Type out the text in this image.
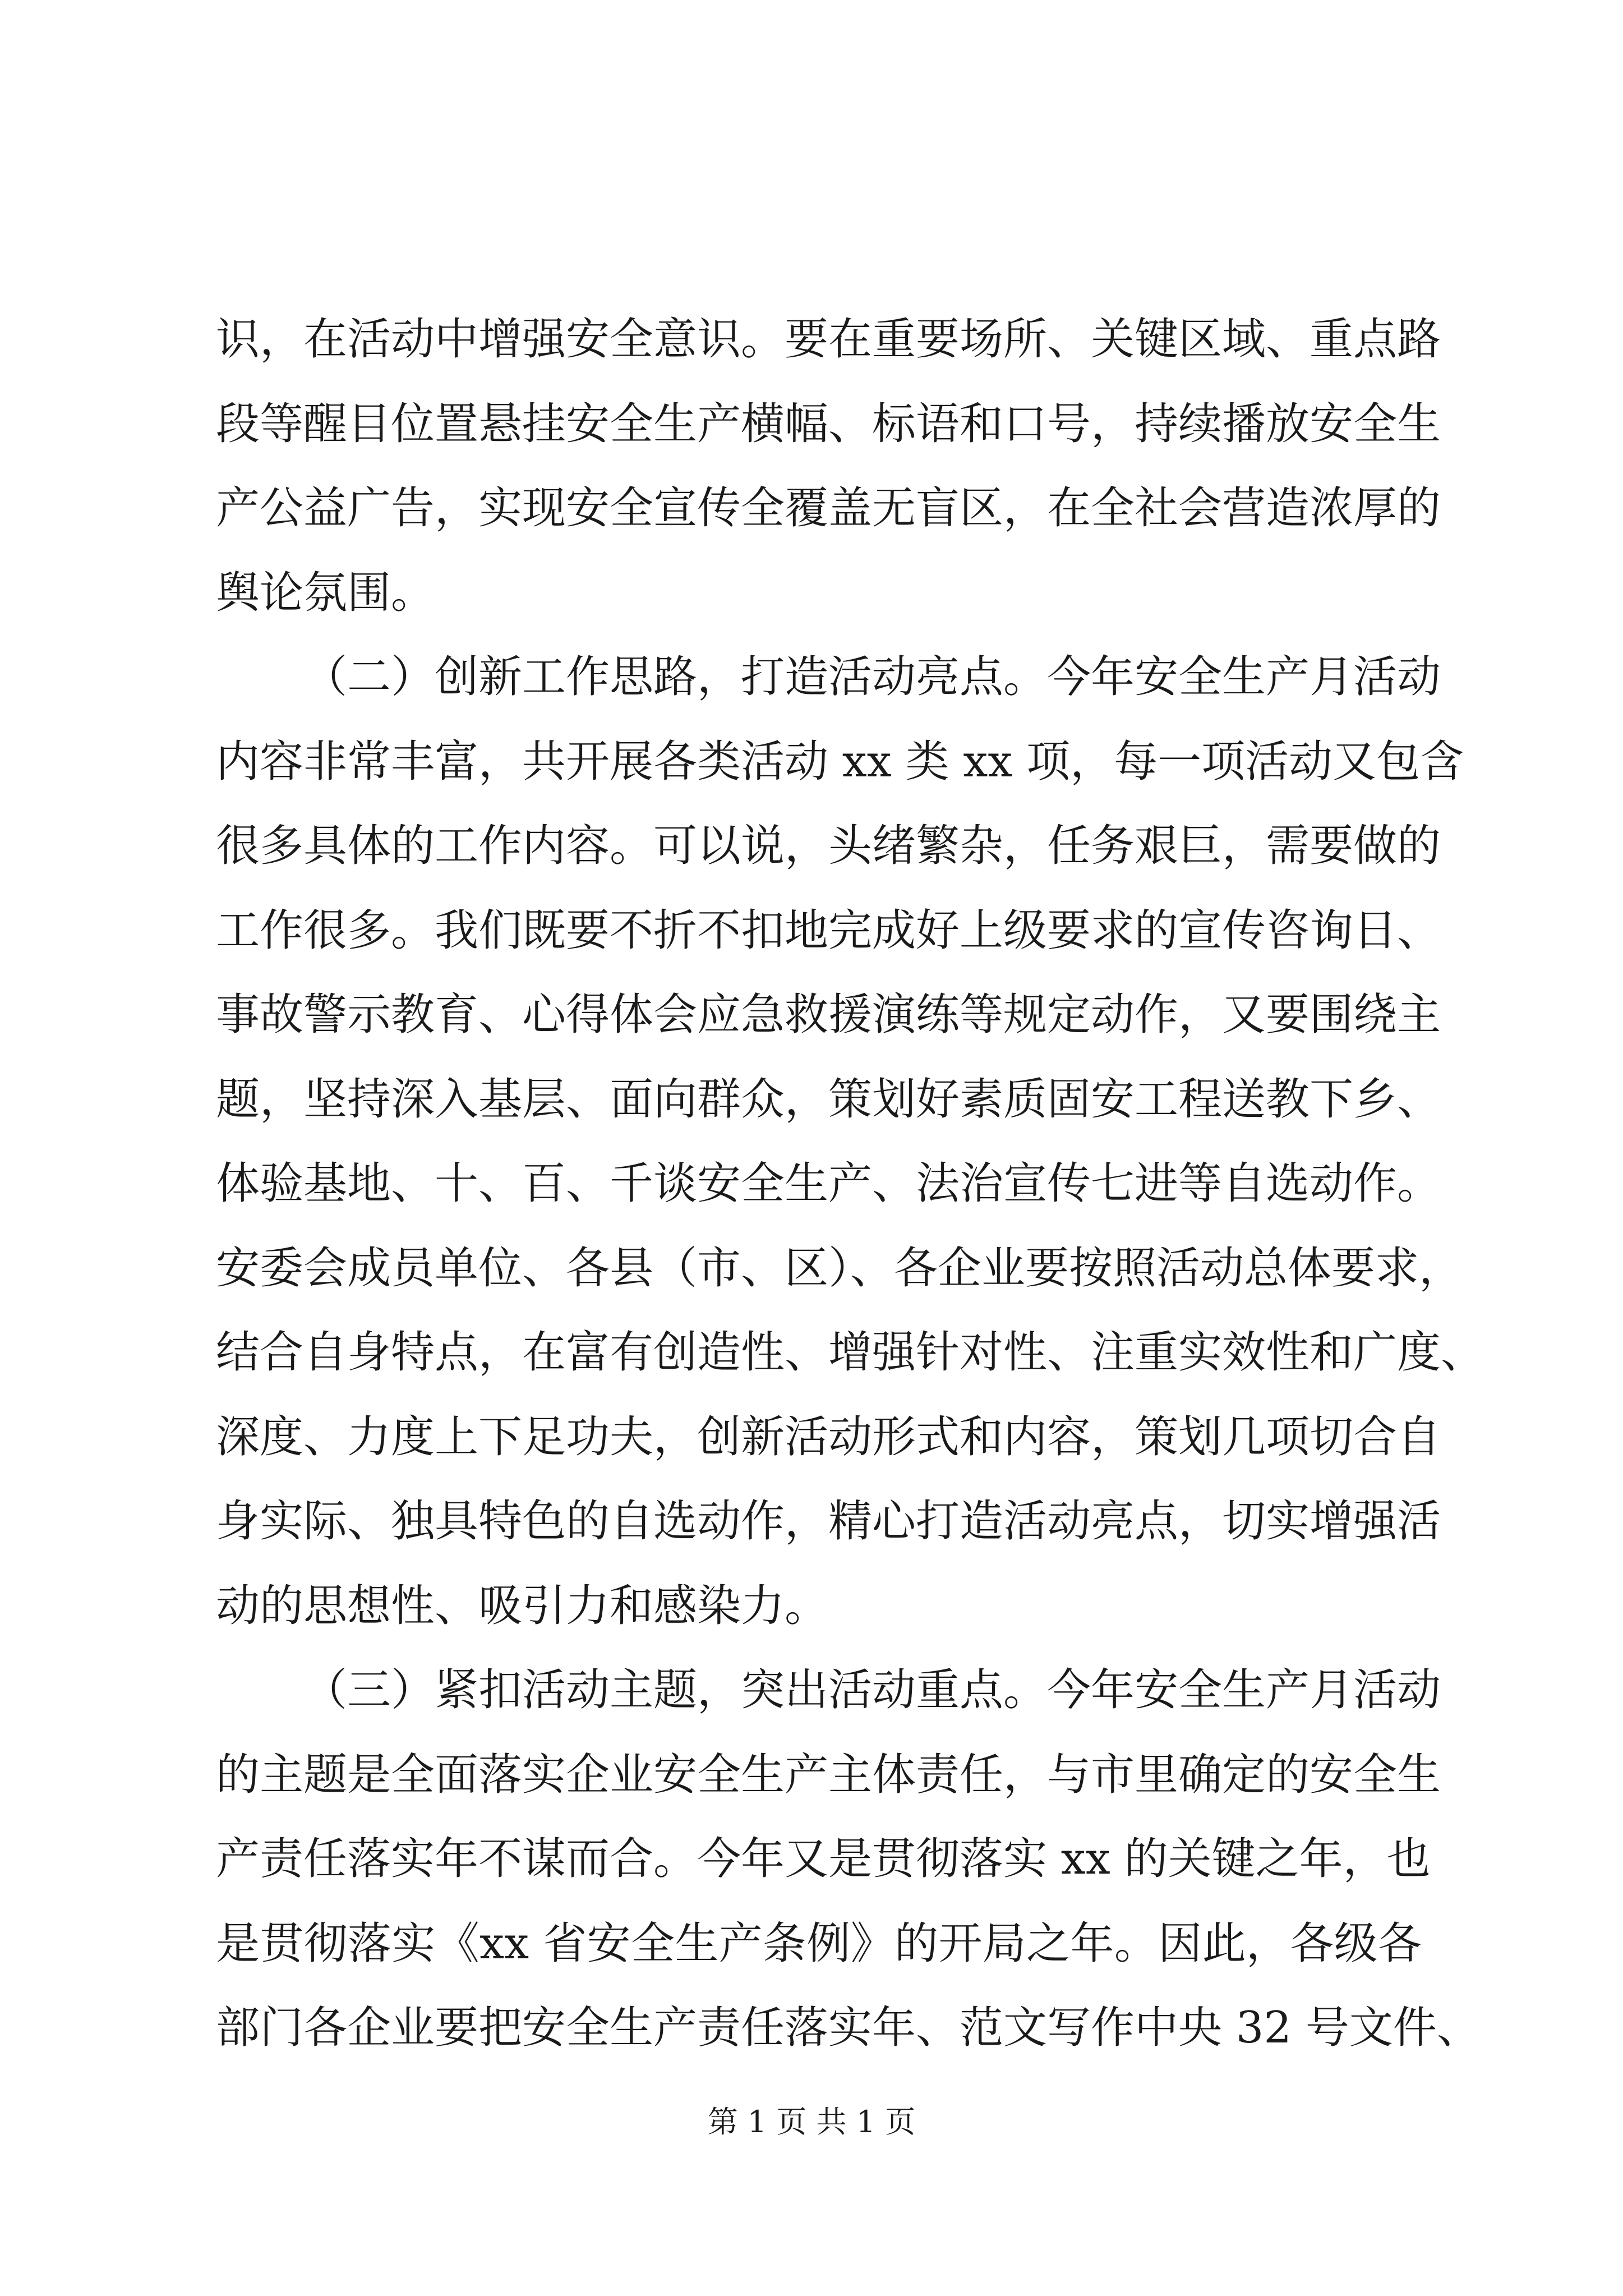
识，在活动中增强安全意识。要在重要场所、关键区域、重点路
段等醒目位置悬挂安全生产横幅、标语和口号，持续播放安全生
产公益广告，实现安全宣传全覆盖无盲区，在全社会营造浓厚的
舆论氛围。
（二）创新工作思路，打造活动亮点。今年安全生产月活动
内容非常丰富，共开展各类活动 xx 类 xx 项，每一项活动又包含
很多具体的工作内容。可以说，头绪繁杂，任务艰巨，需要做的
工作很多。我们既要不折不扣地完成好上级要求的宣传咨询日、
事故警示教育、心得体会应急救援演练等规定动作，又要围绕主
题，坚持深入基层、面向群众，策划好素质固安工程送教下乡、
体验基地、十、百、千谈安全生产、法治宣传七进等自选动作。
安委会成员单位、各县（市、区）、各企业要按照活动总体要求，
结合自身特点，在富有创造性、增强针对性、注重实效性和广度、
深度、力度上下足功夫，创新活动形式和内容，策划几项切合自
身实际、独具特色的自选动作，精心打造活动亮点，切实增强活
动的思想性、吸引力和感染力。
（三）紧扣活动主题，突出活动重点。今年安全生产月活动
的主题是全面落实企业安全生产主体责任，与市里确定的安全生
产责任落实年不谋而合。今年又是贯彻落实 xx 的关键之年，也
是贯彻落实《xx 省安全生产条例》的开局之年。因此，各级各
部门各企业要把安全生产责任落实年、范文写作中央 32 号文件、
第 1 页 共 1 页
